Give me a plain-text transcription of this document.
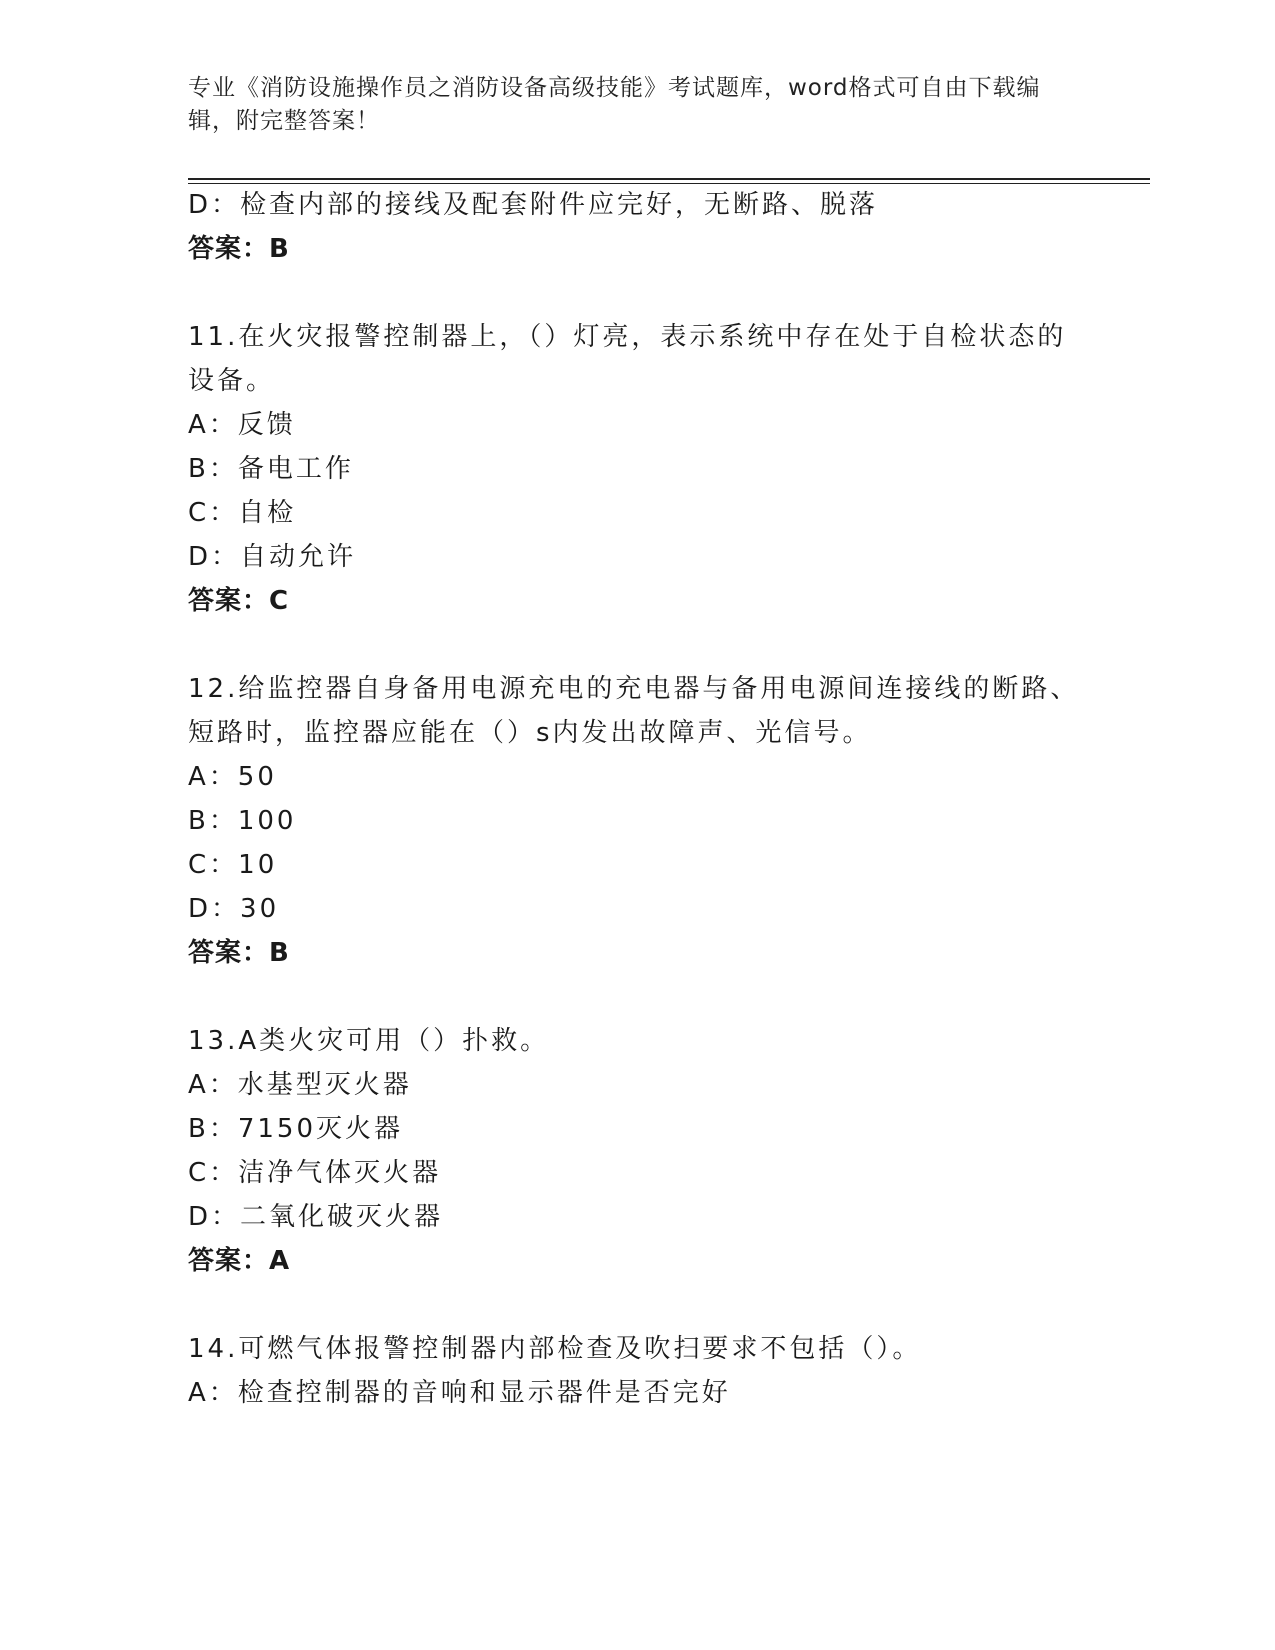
专业《消防设施操作员之消防设备高级技能》考试题库，word格式可自由下载编
辑，附完整答案！
D：检查内部的接线及配套附件应完好，无断路、脱落
答案：B
11.在火灾报警控制器上，（）灯亮，表示系统中存在处于自检状态的
设备。
A：反馈
B：备电工作
C：自检
D：自动允许
答案：C
12.给监控器自身备用电源充电的充电器与备用电源间连接线的断路、
短路时，监控器应能在（）s内发出故障声、光信号。
A：50
B：100
C：10
D：30
答案：B
13.A类火灾可用（）扑救。
A：水基型灭火器
B：7150灭火器
C：洁净气体灭火器
D：二氧化破灭火器
答案：A
14.可燃气体报警控制器内部检查及吹扫要求不包括（）。
A：检查控制器的音响和显示器件是否完好
